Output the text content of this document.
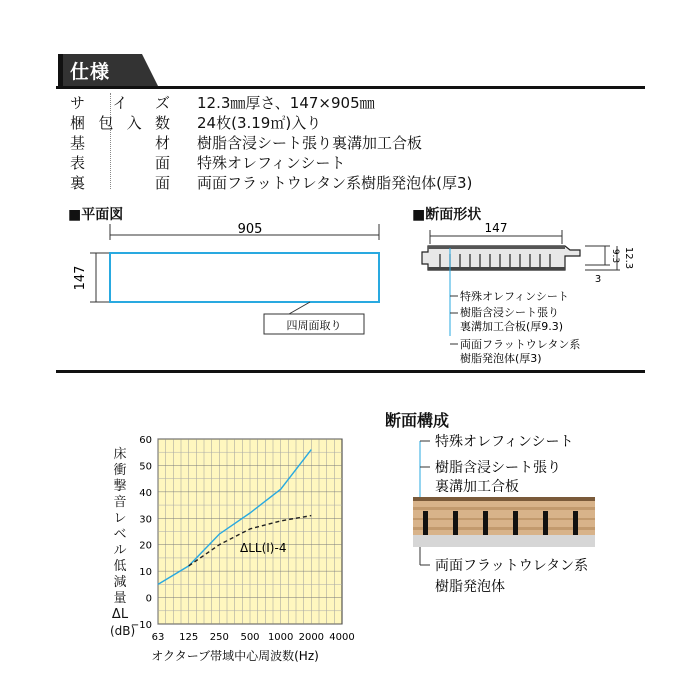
仕様
サ イ ズ 12.3㎜厚さ、147×905㎜
梱 包 入 数 24枚(3.19㎡)入り
基	材 樹脂含浸シート張り裏溝加工合板
表	面 特殊オレフィンシート
裏	面 両面フラットウレタン系樹脂発泡体(厚3)
■平面図
905
147
四周面取り
■断面形状
147
9.3 12.3
3
特殊オレフィンシート
樹脂含浸シート張り
裏溝加工合板(厚9.3)
両面フラットウレタン系
樹脂発泡体(厚3)
床
衝
撃
音
レ
ベ
ル
低
減
量
ΔL
(dB)
60
50
40
30
20
10
0
−10
63 125 250 500 1000 2000 4000
ΔLL(I)-4
オクターブ帯域中心周波数(Hz)
断面構成
特殊オレフィンシート
樹脂含浸シート張り
裏溝加工合板
両面フラットウレタン系
樹脂発泡体
